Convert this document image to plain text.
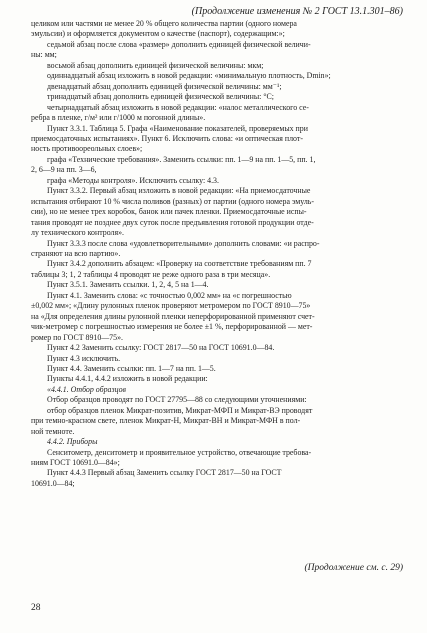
(Продолжение изменения № 2 ГОСТ 13.1.301–86)
целиком или частями не менее 20 % общего количества партии (одного номера
эмульсии) и оформляется документом о качестве (паспорт), содержащим:»;
седьмой абзац после слова «размер» дополнить единицей физической величи-
ны: мм;
восьмой абзац дополнить единицей физической величины: мкм;
одиннадцатый абзац изложить в новой редакции: «минимальную плотность, Dmin»;
двенадцатый абзац дополнить единицей физической величины: мм⁻¹;
тринадцатый абзац дополнить единицей физической величины: °С;
четырнадцатый абзац изложить в новой редакции: «налос металлического се-
ребра в пленке, г/м² или г/1000 м погонной длины».
Пункт 3.3.1. Таблица 5. Графа «Наименование показателей, проверяемых при
приемосдаточных испытаниях». Пункт 6. Исключить слова: «и оптическая плот-
ность противоореольных слоев»;
графа «Технические требования». Заменить ссылки: пп. 1—9 на пп. 1—5, пп. 1,
2, 6—9 на пп. 3—6,
графа «Методы контроля». Исключить ссылку: 4.3.
Пункт 3.3.2. Первый абзац изложить в новой редакции: «На приемосдаточные
испытания отбирают 10 % числа поливов (разных) от партии (одного номера эмуль-
сии), но не менее трех коробок, банок или пачек пленки. Приемосдаточные испы-
тания проводят не позднее двух суток после предъявления готовой продукции отде-
лу технического контроля».
Пункт 3.3.3 после слова «удовлетворительными» дополнить словами: «и распро-
страняют на всю партию».
Пункт 3.4.2 дополнить абзацем: «Проверку на соответствие требованиям пп. 7
таблицы 3; 1, 2 таблицы 4 проводят не реже одного раза в три месяца».
Пункт 3.5.1. Заменить ссылки. 1, 2, 4, 5 на 1—4.
Пункт 4.1. Заменить слова: «с точностью 0,002 мм» на «с погрешностью
±0,002 мм»; «Длину рулонных пленок проверяют метромером по ГОСТ 8910—75»
на «Для определения длины рулонной пленки неперфорированной применяют счет-
чик-метромер с погрешностью измерения не более ±1 %, перфорированной — мет-
ромер по ГОСТ 8910—75».
Пункт 4.2 Заменить ссылку: ГОСТ 2817—50 на ГОСТ 10691.0—84.
Пункт 4.3 исключить.
Пункт 4.4. Заменить ссылки: пп. 1—7 на пп. 1—5.
Пункты 4.4.1, 4.4.2 изложить в новой редакции:
«4.4.1. Отбор образцов
Отбор образцов проводят по ГОСТ 27795—88 со следующими уточнениями:
отбор образцов пленок Микрат-позитив, Микрат-МФП и Микрат-ВЭ проводят
при темно-красном свете, пленок Микрат-Н, Микрат-ВН и Микрат-МФН в пол-
ной темноте.
4.4.2. Приборы
Сенситометр, денситометр и проявительное устройство, отвечающие требова-
ниям ГОСТ 10691.0—84»;
Пункт 4.4.3 Первый абзац Заменить ссылку ГОСТ 2817—50 на ГОСТ
10691.0—84;
(Продолжение см. с. 29)
28
